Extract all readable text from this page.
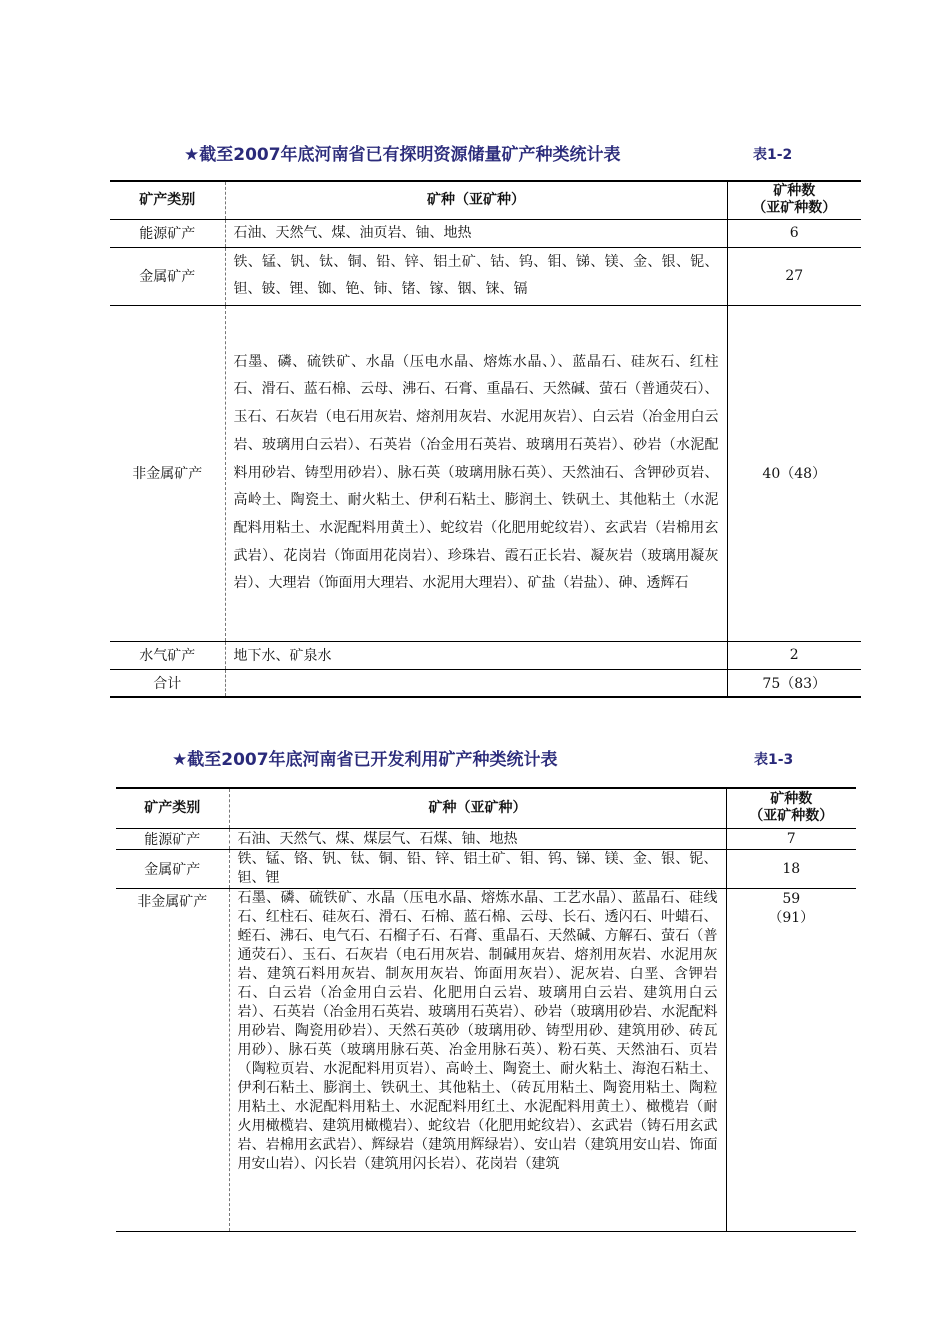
★截至2007年底河南省已有探明资源储量矿产种类统计表	表1-2
矿产类别	矿种（亚矿种）	矿种数
（亚矿种数）

能源矿产	石油、天然气、煤、油页岩、铀、地热	6
金属矿产	铁、锰、钒、钛、铜、铅、锌、铝土矿、钴、钨、钼、锑、镁、金、银、铌、钽、铍、锂、铷、铯、铈、锗、镓、铟、铼、镉	27
非金属矿产	石墨、磷、硫铁矿、水晶（压电水晶、熔炼水晶、）、蓝晶石、硅灰石、红柱石、滑石、蓝石棉、云母、沸石、石膏、重晶石、天然碱、萤石（普通荧石）、玉石、石灰岩（电石用灰岩、熔剂用灰岩、水泥用灰岩）、白云岩（冶金用白云岩、玻璃用白云岩）、石英岩（冶金用石英岩、玻璃用石英岩）、砂岩（水泥配料用砂岩、铸型用砂岩）、脉石英（玻璃用脉石英）、天然油石、含钾砂页岩、高岭土、陶瓷土、耐火粘土、伊利石粘土、膨润土、铁矾土、其他粘土（水泥配料用粘土、水泥配料用黄土）、蛇纹岩（化肥用蛇纹岩）、玄武岩（岩棉用玄武岩）、花岗岩（饰面用花岗岩）、珍珠岩、霞石正长岩、凝灰岩（玻璃用凝灰岩）、大理岩（饰面用大理岩、水泥用大理岩）、矿盐（岩盐）、砷、透辉石	40（48）
水气矿产	地下水、矿泉水	2
合计		75（83）
★截至2007年底河南省已开发利用矿产种类统计表	表1-3
矿产类别	矿种（亚矿种）	矿种数
（亚矿种数）

能源矿产	石油、天然气、煤、煤层气、石煤、铀、地热	7
金属矿产	铁、锰、铬、钒、钛、铜、铅、锌、铝土矿、钼、钨、锑、镁、金、银、铌、钽、锂	18
非金属矿产	石墨、磷、硫铁矿、水晶（压电水晶、熔炼水晶、工艺水晶）、蓝晶石、硅线石、红柱石、硅灰石、滑石、石棉、蓝石棉、云母、长石、透闪石、叶蜡石、蛭石、沸石、电气石、石榴子石、石膏、重晶石、天然碱、方解石、萤石（普通荧石）、玉石、石灰岩（电石用灰岩、制碱用灰岩、熔剂用灰岩、水泥用灰岩、建筑石料用灰岩、制灰用灰岩、饰面用灰岩）、泥灰岩、白垩、含钾岩石、白云岩（冶金用白云岩、化肥用白云岩、玻璃用白云岩、建筑用白云岩）、石英岩（冶金用石英岩、玻璃用石英岩）、砂岩（玻璃用砂岩、水泥配料用砂岩、陶瓷用砂岩）、天然石英砂（玻璃用砂、铸型用砂、建筑用砂、砖瓦用砂）、脉石英（玻璃用脉石英、冶金用脉石英）、粉石英、天然油石、页岩（陶粒页岩、水泥配料用页岩）、高岭土、陶瓷土、耐火粘土、海泡石粘土、伊利石粘土、膨润土、铁矾土、其他粘土、（砖瓦用粘土、陶瓷用粘土、陶粒用粘土、水泥配料用粘土、水泥配料用红土、水泥配料用黄土）、橄榄岩（耐火用橄榄岩、建筑用橄榄岩）、蛇纹岩（化肥用蛇纹岩）、玄武岩（铸石用玄武岩、岩棉用玄武岩）、辉绿岩（建筑用辉绿岩）、安山岩（建筑用安山岩、饰面用安山岩）、闪长岩（建筑用闪长岩）、花岗岩（建筑	59
（91）
